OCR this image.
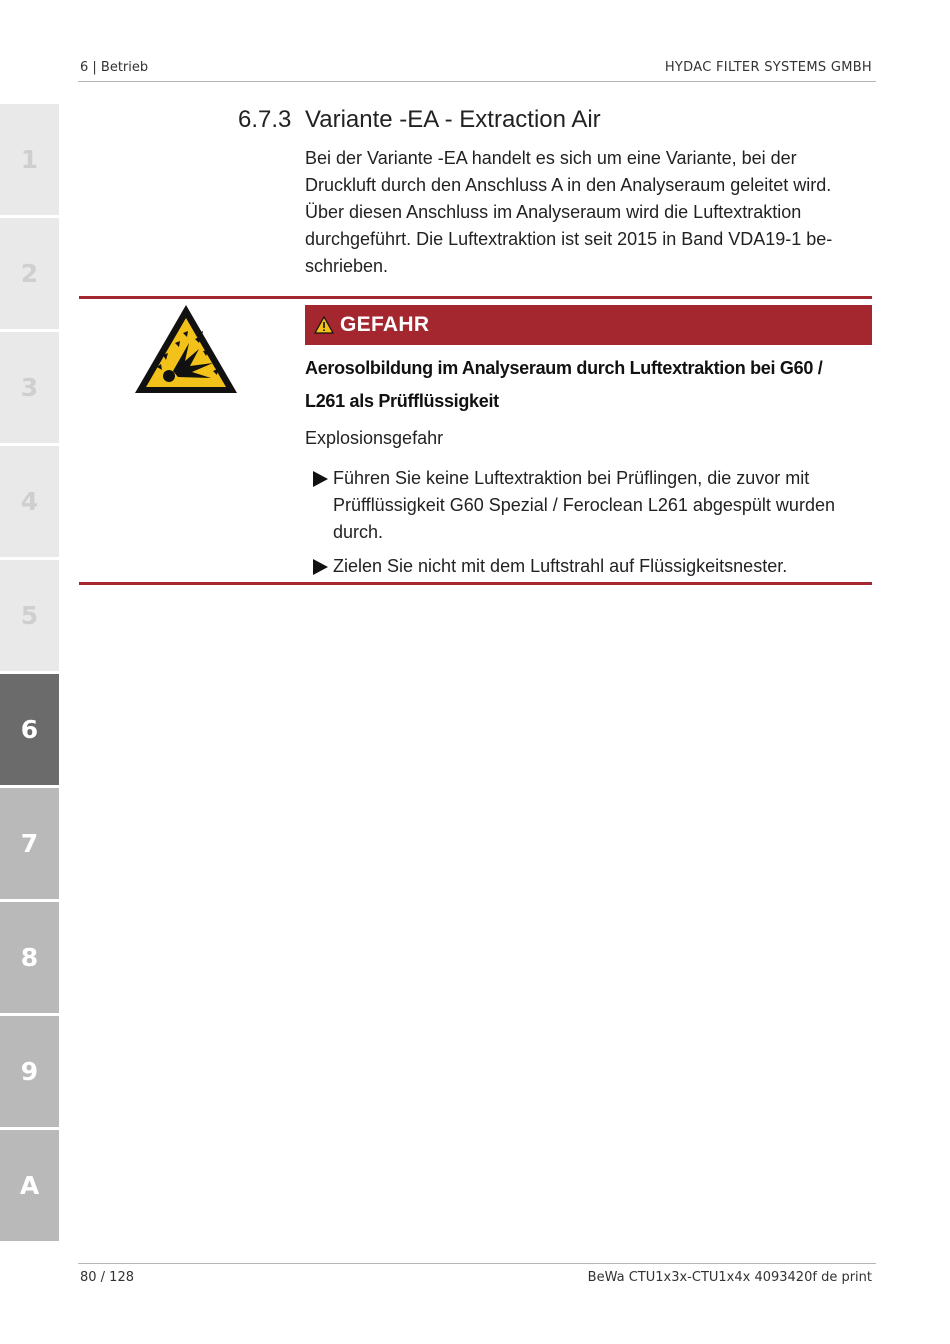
6 | Betrieb	HYDAC FILTER SYSTEMS GMBH
1
2
3
4
5
6
7
8
9
A
6.7.3 Variante -EA - Extraction Air
Bei der Variante -EA handelt es sich um eine Variante, bei der
Druckluft durch den Anschluss A in den Analyseraum geleitet wird.
Über diesen Anschluss im Analyseraum wird die Luftextraktion
durchgeführt. Die Luftextraktion ist seit 2015 in Band VDA19-1 be-
schrieben.
GEFAHR
Aerosolbildung im Analyseraum durch Luftextraktion bei G60 /
L261 als Prüfflüssigkeit
Explosionsgefahr
Führen Sie keine Luftextraktion bei Prüflingen, die zuvor mit
Prüfflüssigkeit G60 Spezial / Feroclean L261 abgespült wurden
durch.
Zielen Sie nicht mit dem Luftstrahl auf Flüssigkeitsnester.
80 / 128	BeWa CTU1x3x-CTU1x4x 4093420f de print
